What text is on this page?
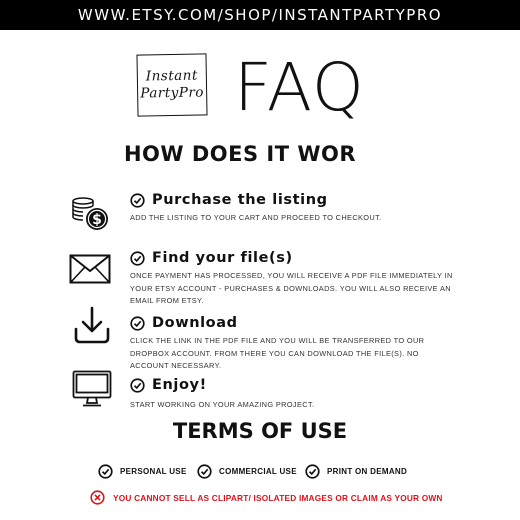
WWW.ETSY.COM/SHOP/INSTANTPARTYPRO
Instant
PartyPro FAQ
HOW DOES IT WOR
$
Purchase the listing
ADD THE LISTING TO YOUR CART AND PROCEED TO CHECKOUT.
Find your file(s)
ONCE PAYMENT HAS PROCESSED, YOU WILL RECEIVE A PDF FILE IMMEDIATELY IN YOUR ETSY ACCOUNT - PURCHASES & DOWNLOADS. YOU WILL ALSO RECEIVE AN EMAIL FROM ETSY.
Download
CLICK THE LINK IN THE PDF FILE AND YOU WILL BE TRANSFERRED TO OUR DROPBOX ACCOUNT. FROM THERE YOU CAN DOWNLOAD THE FILE(S). NO ACCOUNT NECESSARY.
Enjoy!
START WORKING ON YOUR AMAZING PROJECT.
TERMS OF USE
PERSONAL USE	COMMERCIAL USE	PRINT ON DEMAND
YOU CANNOT SELL AS CLIPART/ ISOLATED IMAGES OR CLAIM AS YOUR OWN
